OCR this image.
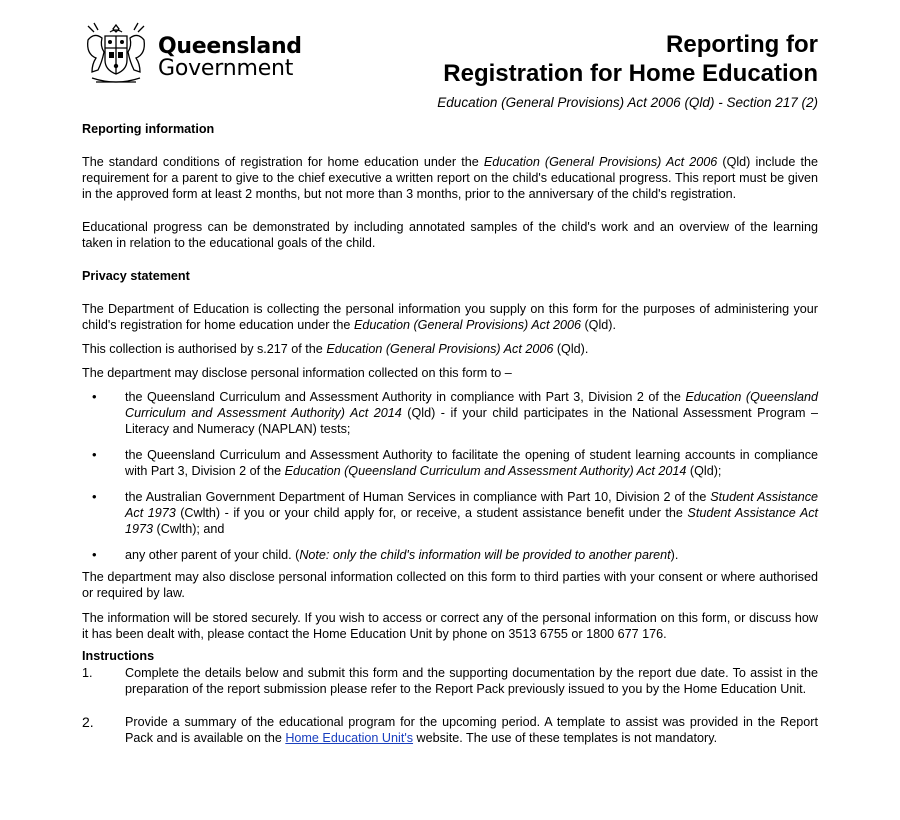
Queensland
Government
Reporting for
Registration for Home Education
Education (General Provisions) Act 2006 (Qld) - Section 217 (2)
Reporting information

The standard conditions of registration for home education under the Education (General Provisions) Act 2006 (Qld) include the requirement for a parent to give to the chief executive a written report on the child's educational progress. This report must be given in the approved form at least 2 months, but not more than 3 months, prior to the anniversary of the child's registration.

Educational progress can be demonstrated by including annotated samples of the child's work and an overview of the learning taken in relation to the educational goals of the child.

Privacy statement

The Department of Education is collecting the personal information you supply on this form for the purposes of administering your child's registration for home education under the Education (General Provisions) Act 2006 (Qld).

This collection is authorised by s.217 of the Education (General Provisions) Act 2006 (Qld).

The department may disclose personal information collected on this form to –

• the Queensland Curriculum and Assessment Authority in compliance with Part 3, Division 2 of the Education (Queensland Curriculum and Assessment Authority) Act 2014 (Qld) - if your child participates in the National Assessment Program – Literacy and Numeracy (NAPLAN) tests;
• the Queensland Curriculum and Assessment Authority to facilitate the opening of student learning accounts in compliance with Part 3, Division 2 of the Education (Queensland Curriculum and Assessment Authority) Act 2014 (Qld);
• the Australian Government Department of Human Services in compliance with Part 10, Division 2 of the Student Assistance Act 1973 (Cwlth) - if you or your child apply for, or receive, a student assistance benefit under the Student Assistance Act 1973 (Cwlth); and
• any other parent of your child. (Note: only the child's information will be provided to another parent).

The department may also disclose personal information collected on this form to third parties with your consent or where authorised or required by law.

The information will be stored securely. If you wish to access or correct any of the personal information on this form, or discuss how it has been dealt with, please contact the Home Education Unit by phone on 3513 6755 or 1800 677 176.

Instructions
1.	Complete the details below and submit this form and the supporting documentation by the report due date. To assist in the preparation of the report submission please refer to the Report Pack previously issued to you by the Home Education Unit.
2. Provide a summary of the educational program for the upcoming period. A template to assist was provided in the Report Pack and is available on the Home Education Unit's website. The use of these templates is not mandatory.
